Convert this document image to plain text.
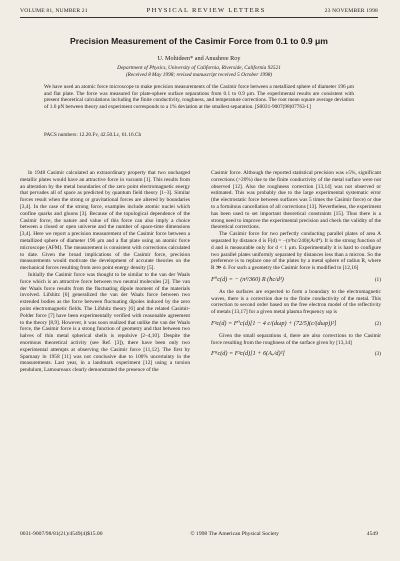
VOLUME 81, NUMBER 21	PHYSICAL REVIEW LETTERS	23 NOVEMBER 1998
Precision Measurement of the Casimir Force from 0.1 to 0.9 μm
U. Mohideen* and Anushree Roy
Department of Physics, University of California, Riverside, California 92521
(Received 8 May 1998; revised manuscript received 5 October 1998)
We have used an atomic force microscope to make precision measurements of the Casimir force between a metallized sphere of diameter 196 μm and flat plate. The force was measured for plate-sphere surface separations from 0.1 to 0.9 μm. The experimental results are consistent with present theoretical calculations including the finite conductivity, roughness, and temperature corrections. The root mean square average deviation of 1.6 pN between theory and experiment corresponds to a 1% deviation at the smallest separation. [S0031-9007(98)07763-1]
PACS numbers: 12.20.Fv, 42.50.Lc, 61.16.Ch

In 1948 Casimir calculated an extraordinary property that two uncharged metallic plates would have an attractive force in vacuum [1]. This results from an alteration by the metal boundaries of the zero point electromagnetic energy that pervades all of space as predicted by quantum field theory [1–3]. Similar forces result when the strong or gravitational forces are altered by boundaries [3,4]. In the case of the strong force, examples include atomic nuclei which confine quarks and gluons [3]. Because of the topological dependence of the Casimir force, the nature and value of this force can also imply a choice between a closed or open universe and the number of space-time dimensions [3,4]. Here we report a precision measurement of the Casimir force between a metallized sphere of diameter 196 μm and a flat plate using an atomic force microscope (AFM). The measurement is consistent with corrections calculated to date. Given the broad implications of the Casimir force, precision measurements would motivate the development of accurate theories on the mechanical forces resulting from zero point energy density [5].

Initially the Casimir force was thought to be similar to the van der Waals force which is an attractive force between two neutral molecules [2]. The van der Waals force results from the fluctuating dipole moment of the materials involved. Lifshitz [6] generalized the van der Waals force between two extended bodies as the force between fluctuating dipoles induced by the zero point electromagnetic fields. The Lifshitz theory [6] and the related Casimir-Polder force [7] have been experimentally verified with reasonable agreement to the theory [8,9]. However, it was soon realized that unlike the van der Waals force, the Casimir force is a strong function of geometry and that between two halves of thin metal spherical shells is repulsive [2–4,10]. Despite the enormous theoretical activity (see Ref. [3]), there have been only two experimental attempts at observing the Casimir force [11,12]. The first by Sparnaay in 1958 [11] was not conclusive due to 100% uncertainty in the measurements. Last year, in a landmark experiment [12] using a torsion pendulum, Lamoureaux clearly demonstrated the presence of the

Casimir force. Although the reported statistical precision was ±5%, significant corrections (>20%) due to the finite conductivity of the metal surface were not observed [12]. Also the roughness correction [13,14] was not observed or estimated. This was probably due to the large experimental systematic error (the electrostatic force between surfaces was 5 times the Casimir force) or due to a fortuitous cancellation of all corrections [13]. Nevertheless, the experiment has been used to set important theoretical constraints [15]. Thus there is a strong need to improve the experimental precision and check the validity of the theoretical corrections.

The Casimir force for two perfectly conducting parallel plates of area A separated by distance d is F(d) = −(π²ħc/240)(A/d⁴). It is the strong function of d and is measurable only for d < 1 μm. Experimentally it is hard to configure two parallel plates uniformly separated by distances less than a micron. So the preference is to replace one of the plates by a metal sphere of radius R, where R ≫ d. For such a geometry the Casimir force is modified to [12,16]

F⁰c(d) = − (π³/360) R (ħc/d³)	(1)

As the surfaces are expected to form a boundary to the electromagnetic waves, there is a correction due to the finite conductivity of the metal. This correction to second order based on the free electron model of the reflectivity of metals [13,17] for a given metal plasma frequency ωp is

Fᵖc(d) = F⁰c(d)[1 − 4 c/(dωp) + (72/5)(c/(dωp))²]	(2)

Given the small separations d, there are also corrections to the Casimir force resulting from the roughness of the surface given by [13,14]

Fᴿc(d) = Fᵖc(d)[1 + 6(Aᵥ/d)²]	(3)
0031-9007/98/81(21)/4549(4)$15.00	© 1998 The American Physical Society	4549
